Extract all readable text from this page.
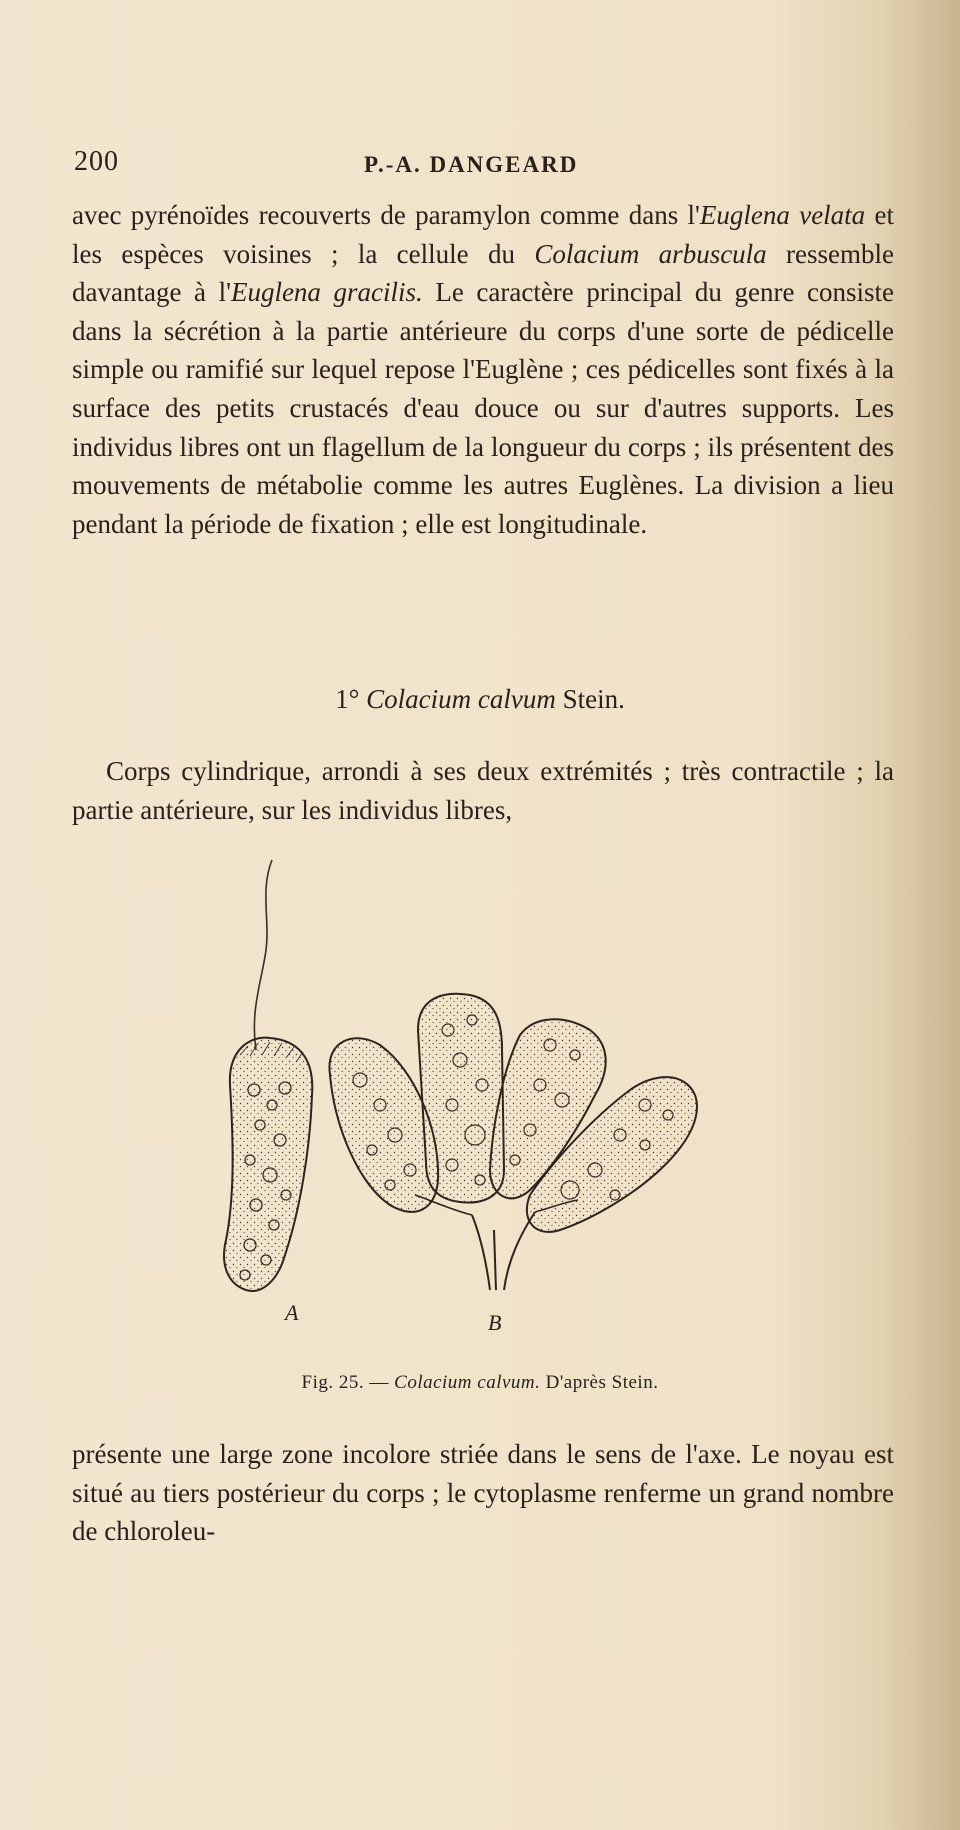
200	P.-A. DANGEARD

avec pyrénoïdes recouverts de paramylon comme dans l'Euglena velata et les espèces voisines ; la cellule du Colacium arbuscula ressemble davantage à l'Euglena gracilis. Le caractère principal du genre consiste dans la sécrétion à la partie antérieure du corps d'une sorte de pédicelle simple ou ramifié sur lequel repose l'Euglène ; ces pédicelles sont fixés à la surface des petits crustacés d'eau douce ou sur d'autres supports. Les individus libres ont un flagellum de la longueur du corps ; ils présentent des mouvements de métabolie comme les autres Euglènes. La division a lieu pendant la période de fixation ; elle est longitudinale.

1° Colacium calvum Stein.

Corps cylindrique, arrondi à ses deux extrémités ; très contractile ; la partie antérieure, sur les individus libres,

A	B
Fig. 25. — Colacium calvum. D'après Stein.

présente une large zone incolore striée dans le sens de l'axe. Le noyau est situé au tiers postérieur du corps ; le cytoplasme renferme un grand nombre de chloroleu-
